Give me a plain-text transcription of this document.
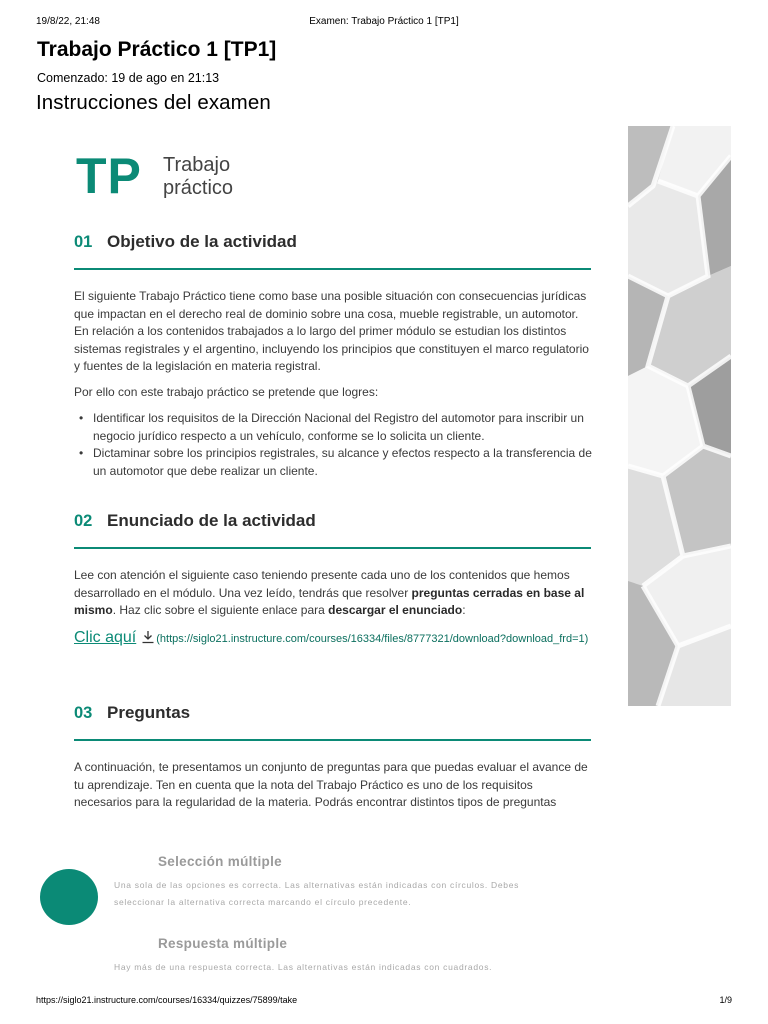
19/8/22, 21:48	Examen: Trabajo Práctico 1 [TP1]
Trabajo Práctico 1 [TP1]
Comenzado: 19 de ago en 21:13
Instrucciones del examen
TP Trabajo
práctico
01 Objetivo de la actividad

El siguiente Trabajo Práctico tiene como base una posible situación con consecuencias jurídicas que impactan en el derecho real de dominio sobre una cosa, mueble registrable, un automotor. En relación a los contenidos trabajados a lo largo del primer módulo se estudian los distintos sistemas registrales y el argentino, incluyendo los principios que constituyen el marco regulatorio y fuentes de la legislación en materia registral.

Por ello con este trabajo práctico se pretende que logres:

• Identificar los requisitos de la Dirección Nacional del Registro del automotor para inscribir un negocio jurídico respecto a un vehículo, conforme se lo solicita un cliente.
• Dictaminar sobre los principios registrales, su alcance y efectos respecto a la transferencia de un automotor que debe realizar un cliente.
02 Enunciado de la actividad

Lee con atención el siguiente caso teniendo presente cada uno de los contenidos que hemos desarrollado en el módulo. Una vez leído, tendrás que resolver preguntas cerradas en base al mismo. Haz clic sobre el siguiente enlace para descargar el enunciado:

Clic aquí (https://siglo21.instructure.com/courses/16334/files/8777321/download?download_frd=1)
03 Preguntas

A continuación, te presentamos un conjunto de preguntas para que puedas evaluar el avance de tu aprendizaje. Ten en cuenta que la nota del Trabajo Práctico es uno de los requisitos necesarios para la regularidad de la materia. Podrás encontrar distintos tipos de preguntas

Selección múltiple
Una sola de las opciones es correcta. Las alternativas están indicadas con círculos. Debes
seleccionar la alternativa correcta marcando el círculo precedente.
Respuesta múltiple
Hay más de una respuesta correcta. Las alternativas están indicadas con cuadrados.
https://siglo21.instructure.com/courses/16334/quizzes/75899/take	1/9
